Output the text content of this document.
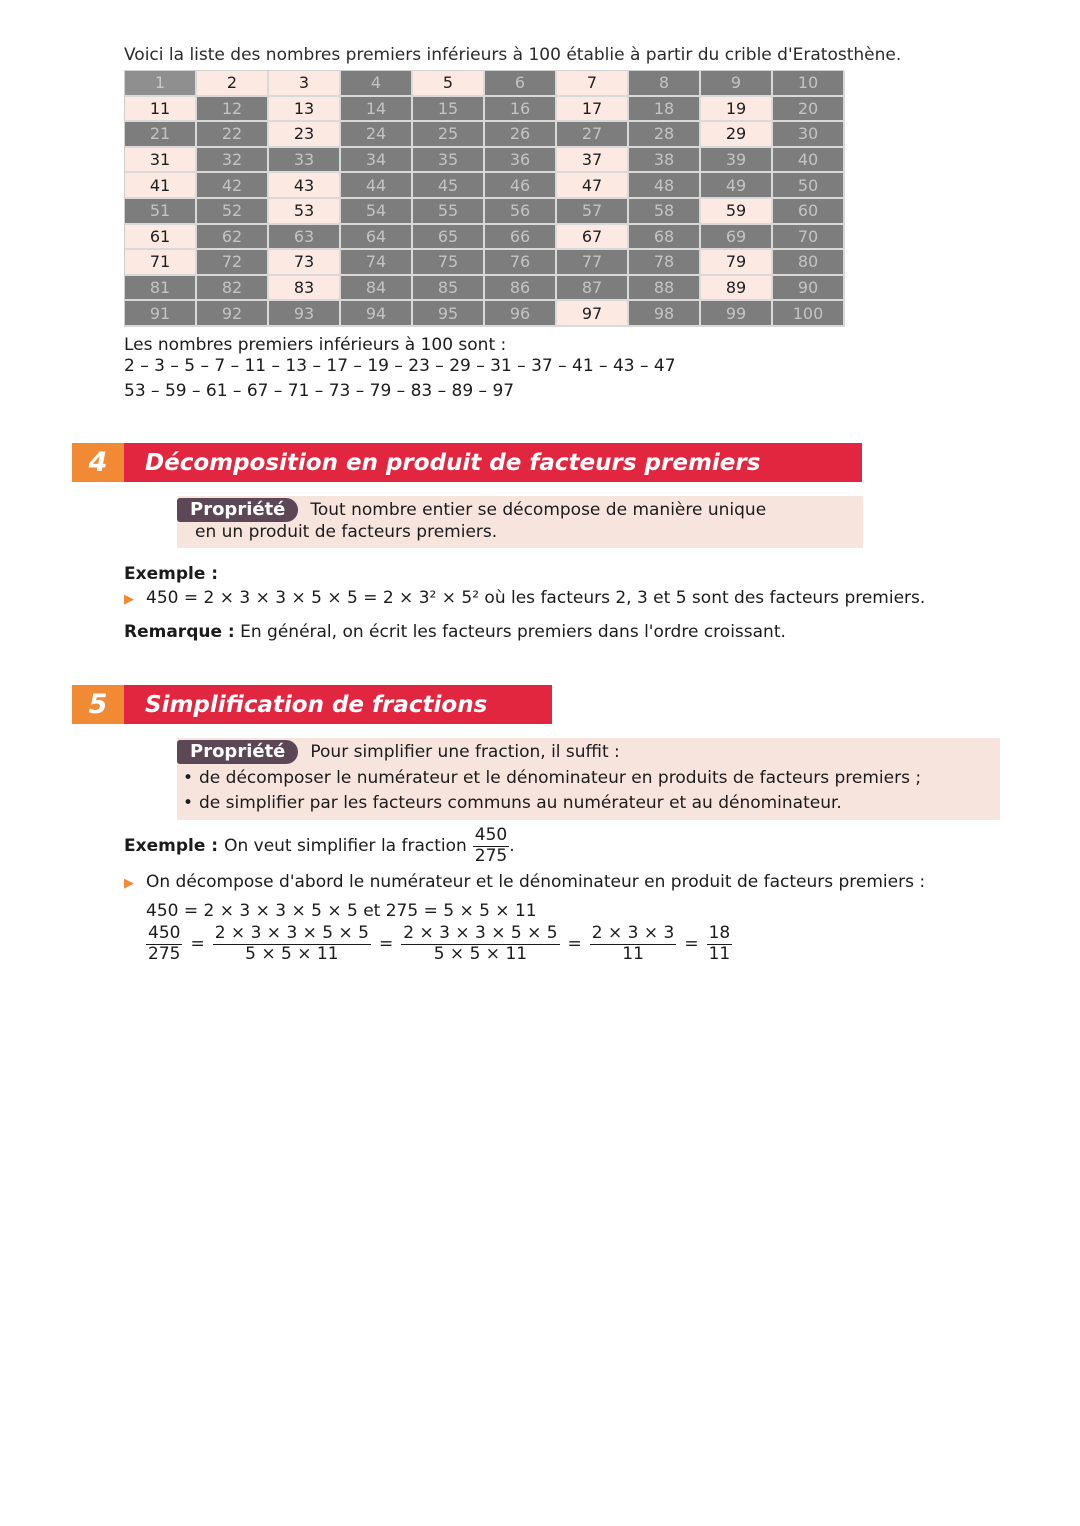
Voici la liste des nombres premiers inférieurs à 100 établie à partir du crible d'Eratosthène.
1	2	3	4	5	6	7	8	9	10
11	12	13	14	15	16	17	18	19	20
21	22	23	24	25	26	27	28	29	30
31	32	33	34	35	36	37	38	39	40
41	42	43	44	45	46	47	48	49	50
51	52	53	54	55	56	57	58	59	60
61	62	63	64	65	66	67	68	69	70
71	72	73	74	75	76	77	78	79	80
81	82	83	84	85	86	87	88	89	90
91	92	93	94	95	96	97	98	99	100
Les nombres premiers inférieurs à 100 sont :
2 – 3 – 5 – 7 – 11 – 13 – 17 – 19 – 23 – 29 – 31 – 37 – 41 – 43 – 47
53 – 59 – 61 – 67 – 71 – 73 – 79 – 83 – 89 – 97
4	Décomposition en produit de facteurs premiers
Propriété	Tout nombre entier se décompose de manière unique
en un produit de facteurs premiers.
Exemple :
▶ 450 = 2 × 3 × 3 × 5 × 5 = 2 × 3² × 5² où les facteurs 2, 3 et 5 sont des facteurs premiers.
Remarque : En général, on écrit les facteurs premiers dans l'ordre croissant.
5	Simplification de fractions
Propriété	Pour simplifier une fraction, il suffit :
• de décomposer le numérateur et le dénominateur en produits de facteurs premiers ;
• de simplifier par les facteurs communs au numérateur et au dénominateur.
Exemple : On veut simplifier la fraction $\frac{450}{275}$ .
▶ On décompose d'abord le numérateur et le dénominateur en produit de facteurs premiers :
450 = 2 × 3 × 3 × 5 × 5 et 275 = 5 × 5 × 11
$\frac{450}{275} = \frac{2 \times 3 \times 3 \times 5 \times 5}{5 \times 5 \times 11} = \frac{2 \times 3 \times 3 \times 5 \times 5}{5 \times 5 \times 11} = \frac{2 \times 3 \times 3}{11} = \frac{18}{11}$
